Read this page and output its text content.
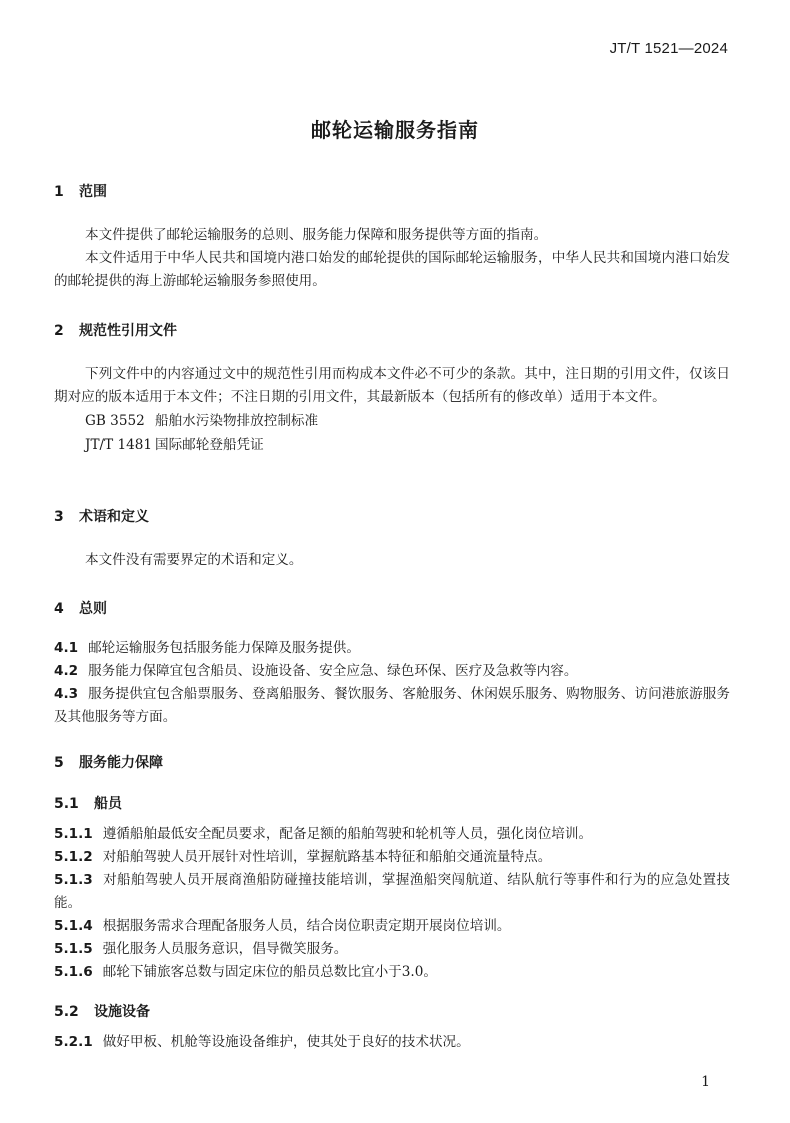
JT/T 1521—2024
邮轮运输服务指南
1 范围

本文件提供了邮轮运输服务的总则、服务能力保障和服务提供等方面的指南。

本文件适用于中华人民共和国境内港口始发的邮轮提供的国际邮轮运输服务，中华人民共和国境内港口始发的邮轮提供的海上游邮轮运输服务参照使用。

2 规范性引用文件

下列文件中的内容通过文中的规范性引用而构成本文件必不可少的条款。其中，注日期的引用文件，仅该日期对应的版本适用于本文件；不注日期的引用文件，其最新版本（包括所有的修改单）适用于本文件。

GB 3552 船舶水污染物排放控制标准
JT/T 1481 国际邮轮登船凭证
3 术语和定义

本文件没有需要界定的术语和定义。

4 总则

4.1 邮轮运输服务包括服务能力保障及服务提供。

4.2 服务能力保障宜包含船员、设施设备、安全应急、绿色环保、医疗及急救等内容。

4.3 服务提供宜包含船票服务、登离船服务、餐饮服务、客舱服务、休闲娱乐服务、购物服务、访问港旅游服务及其他服务等方面。

5 服务能力保障
5.1 船员

5.1.1 遵循船舶最低安全配员要求，配备足额的船舶驾驶和轮机等人员，强化岗位培训。

5.1.2 对船舶驾驶人员开展针对性培训，掌握航路基本特征和船舶交通流量特点。

5.1.3 对船舶驾驶人员开展商渔船防碰撞技能培训，掌握渔船突闯航道、结队航行等事件和行为的应急处置技能。

5.1.4 根据服务需求合理配备服务人员，结合岗位职责定期开展岗位培训。

5.1.5 强化服务人员服务意识，倡导微笑服务。

5.1.6 邮轮下铺旅客总数与固定床位的船员总数比宜小于3.0。

5.2 设施设备

5.2.1 做好甲板、机舱等设施设备维护，使其处于良好的技术状况。

1
